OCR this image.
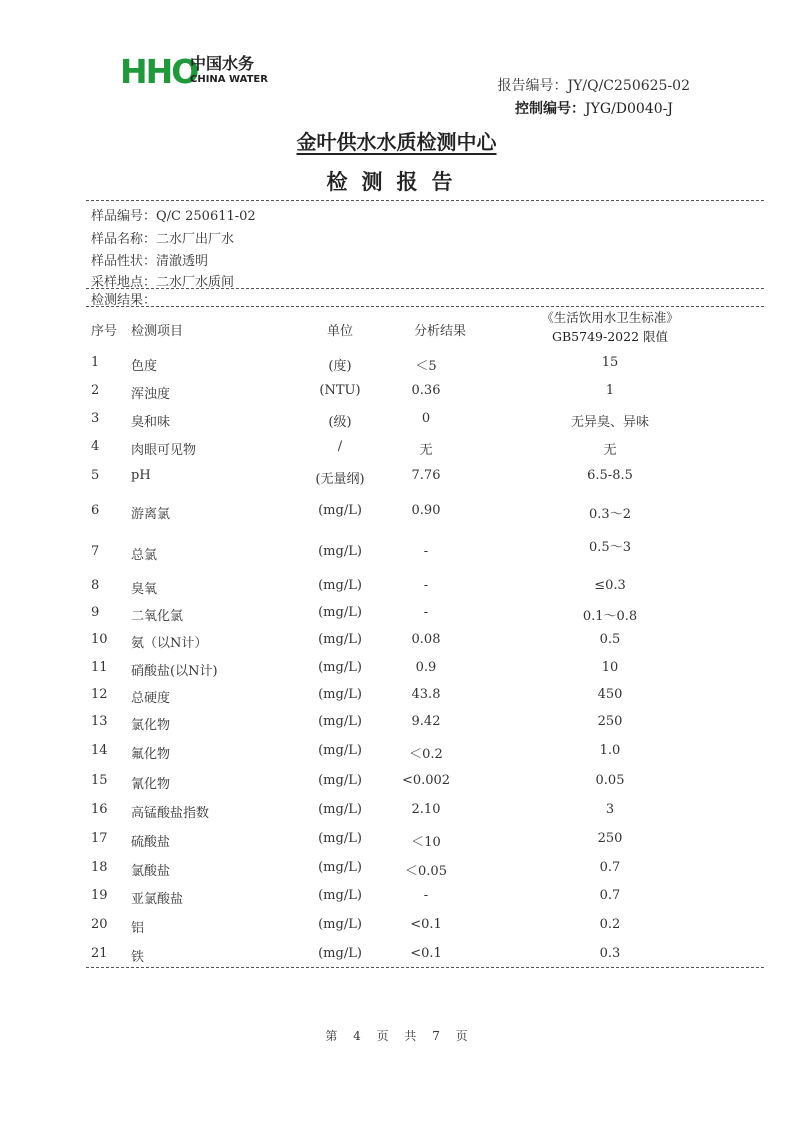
HHO
中国水务
CHINA WATER	报告编号：JY/Q/C250625-02
控制编号：JYG/D0040-J
金叶供水水质检测中心
检测报告
样品编号：Q/C 250611-02
样品名称：二水厂出厂水
样品性状：清澈透明
采样地点：二水厂水质间
检测结果：
序号 检测项目	单位	分析结果
《生活饮用水卫生标准》
GB5749-2022 限值
1 色度	(度)	＜5	15
2 浑浊度	(NTU)	0.36	1
3 臭和味	(级)	0	无异臭、异味
4 肉眼可见物	/	无	无
5 pH	(无量纲)	7.76	6.5-8.5
6 游离氯	(mg/L)	0.90	0.3～2
7 总氯	(mg/L)	-	0.5～3
8 臭氧	(mg/L)	-	≤0.3
9 二氧化氯	(mg/L)	-	0.1～0.8
10 氨（以N计）	(mg/L)	0.08	0.5
11 硝酸盐(以N计)	(mg/L)	0.9	10
12 总硬度	(mg/L)	43.8	450
13 氯化物	(mg/L)	9.42	250
14 氟化物	(mg/L)	＜0.2	1.0
15 氰化物	(mg/L)	<0.002	0.05
16 高锰酸盐指数	(mg/L)	2.10	3
17 硫酸盐	(mg/L)	＜10	250
18 氯酸盐	(mg/L)	＜0.05	0.7
19 亚氯酸盐	(mg/L)	-	0.7
20 铝	(mg/L)	<0.1	0.2
21 铁	(mg/L)	<0.1	0.3
第 4 页 共 7 页
